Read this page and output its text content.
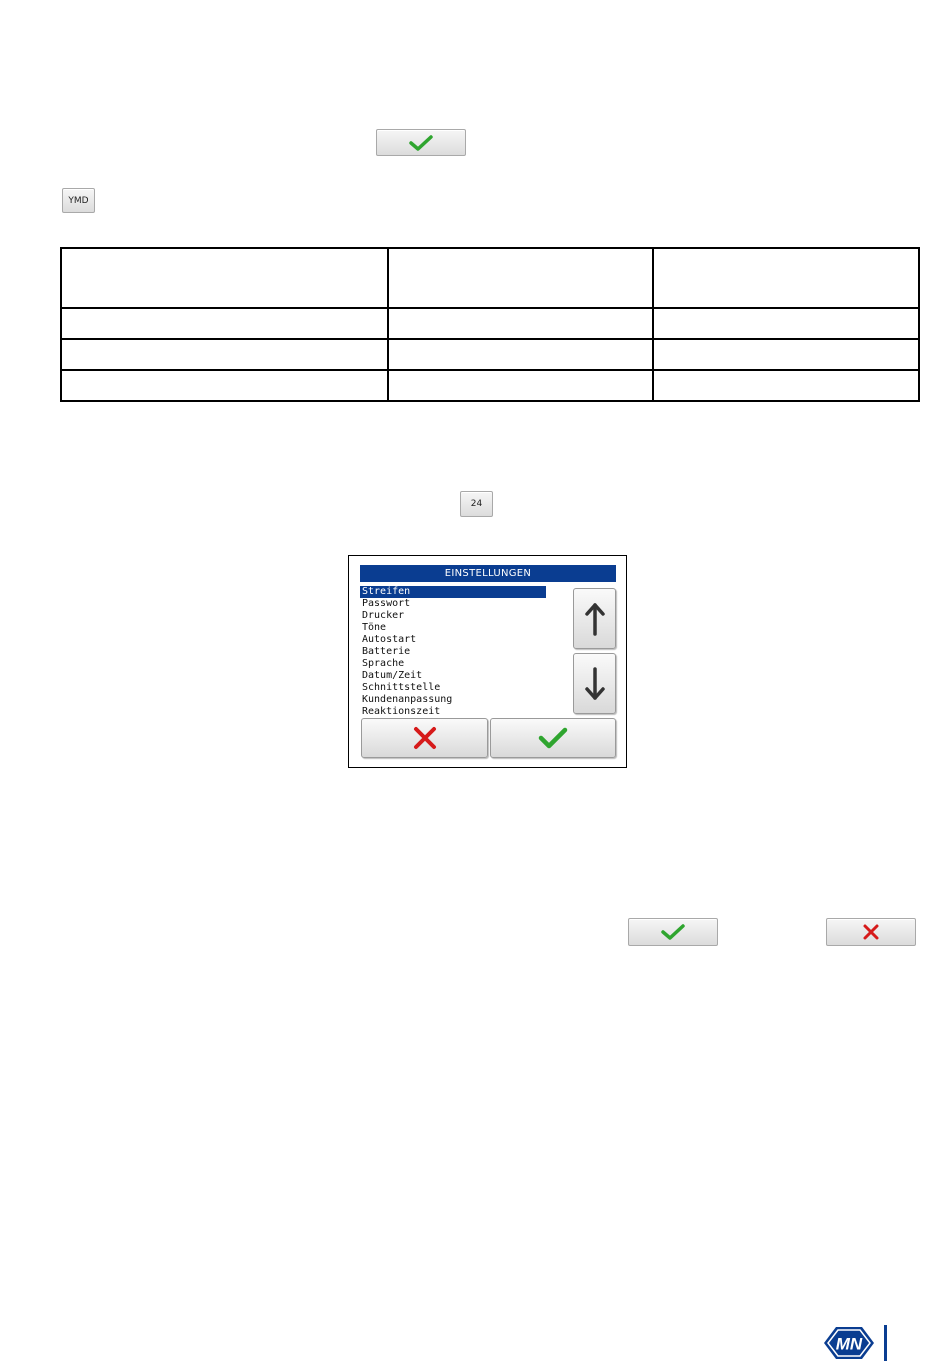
YMD

24
EINSTELLUNGEN
Streifen
Passwort
Drucker
Töne
Autostart
Batterie
Sprache
Datum/Zeit
Schnittstelle
Kundenanpassung
Reaktionszeit
MN
